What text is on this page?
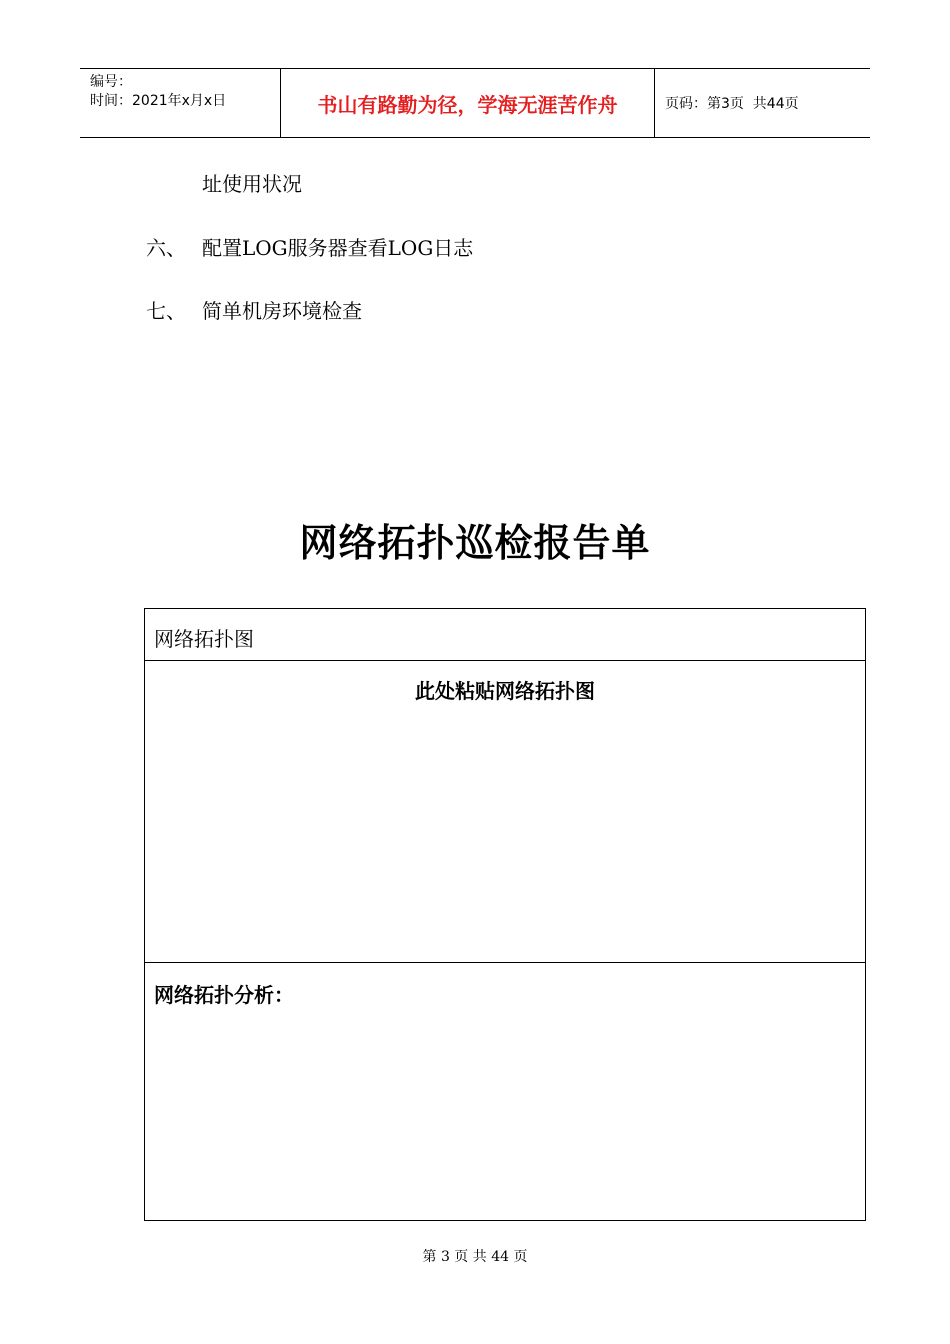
编号：
时间：2021年x月x日	书山有路勤为径，学海无涯苦作舟	页码：第3页  共44页
址使用状况
六、 配置LOG服务器查看LOG日志
七、 简单机房环境检查
网络拓扑巡检报告单
网络拓扑图
此处粘贴网络拓扑图
网络拓扑分析：
第 3 页 共 44 页
